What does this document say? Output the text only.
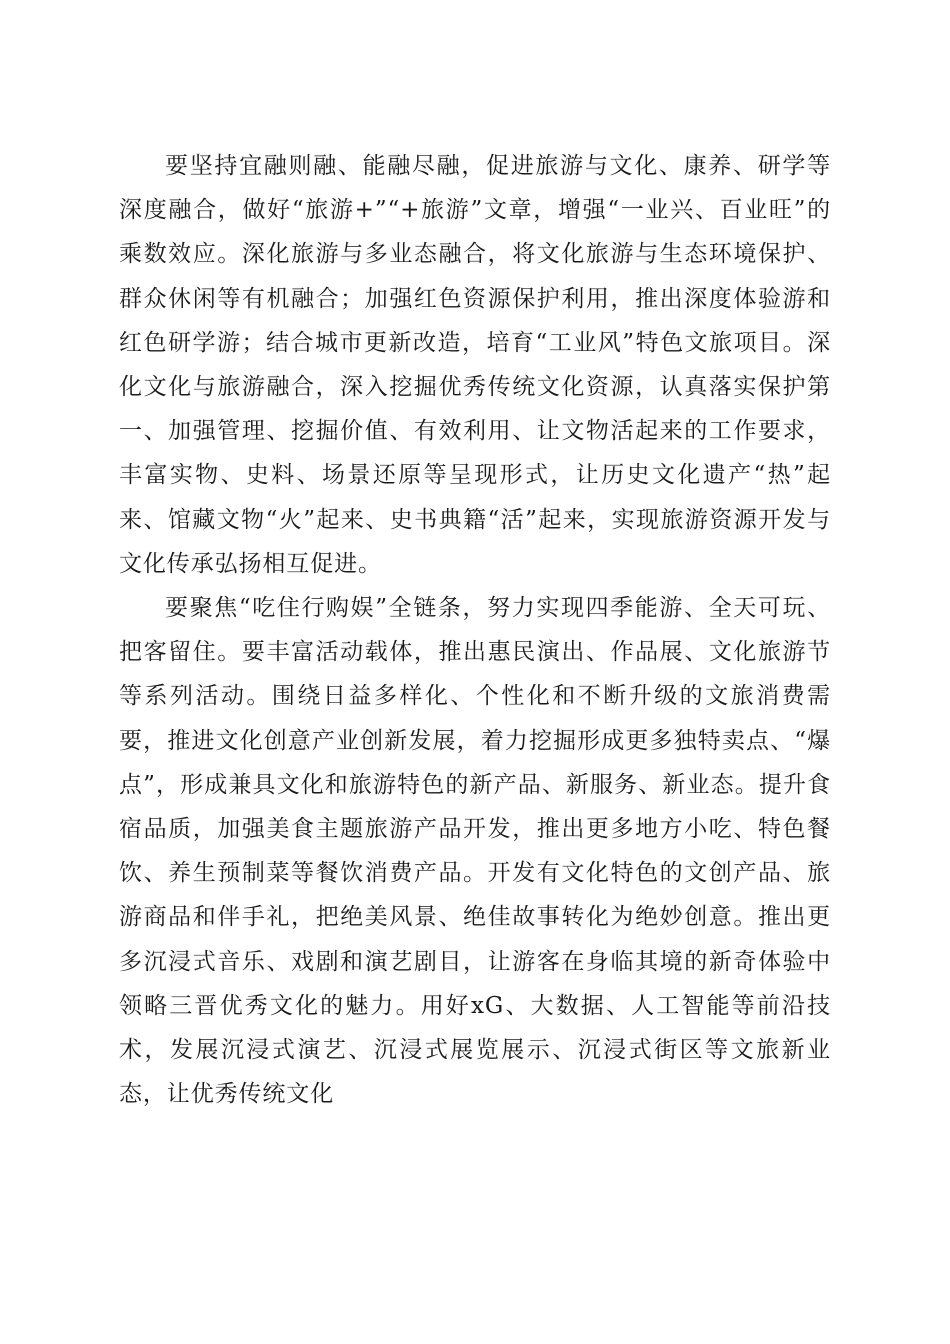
要坚持宜融则融、能融尽融，促进旅游与文化、康养、研学等深度融合，做好“旅游+”“+旅游”文章，增强“一业兴、百业旺”的乘数效应。深化旅游与多业态融合，将文化旅游与生态环境保护、群众休闲等有机融合；加强红色资源保护利用，推出深度体验游和红色研学游；结合城市更新改造，培育“工业风”特色文旅项目。深化文化与旅游融合，深入挖掘优秀传统文化资源，认真落实保护第一、加强管理、挖掘价值、有效利用、让文物活起来的工作要求，丰富实物、史料、场景还原等呈现形式，让历史文化遗产“热”起来、馆藏文物“火”起来、史书典籍“活”起来，实现旅游资源开发与文化传承弘扬相互促进。

要聚焦“吃住行购娱”全链条，努力实现四季能游、全天可玩、把客留住。要丰富活动载体，推出惠民演出、作品展、文化旅游节等系列活动。围绕日益多样化、个性化和不断升级的文旅消费需要，推进文化创意产业创新发展，着力挖掘形成更多独特卖点、“爆点”，形成兼具文化和旅游特色的新产品、新服务、新业态。提升食宿品质，加强美食主题旅游产品开发，推出更多地方小吃、特色餐饮、养生预制菜等餐饮消费产品。开发有文化特色的文创产品、旅游商品和伴手礼，把绝美风景、绝佳故事转化为绝妙创意。推出更多沉浸式音乐、戏剧和演艺剧目，让游客在身临其境的新奇体验中领略三晋优秀文化的魅力。用好xG、大数据、人工智能等前沿技术，发展沉浸式演艺、沉浸式展览展示、沉浸式街区等文旅新业态，让优秀传统文化
